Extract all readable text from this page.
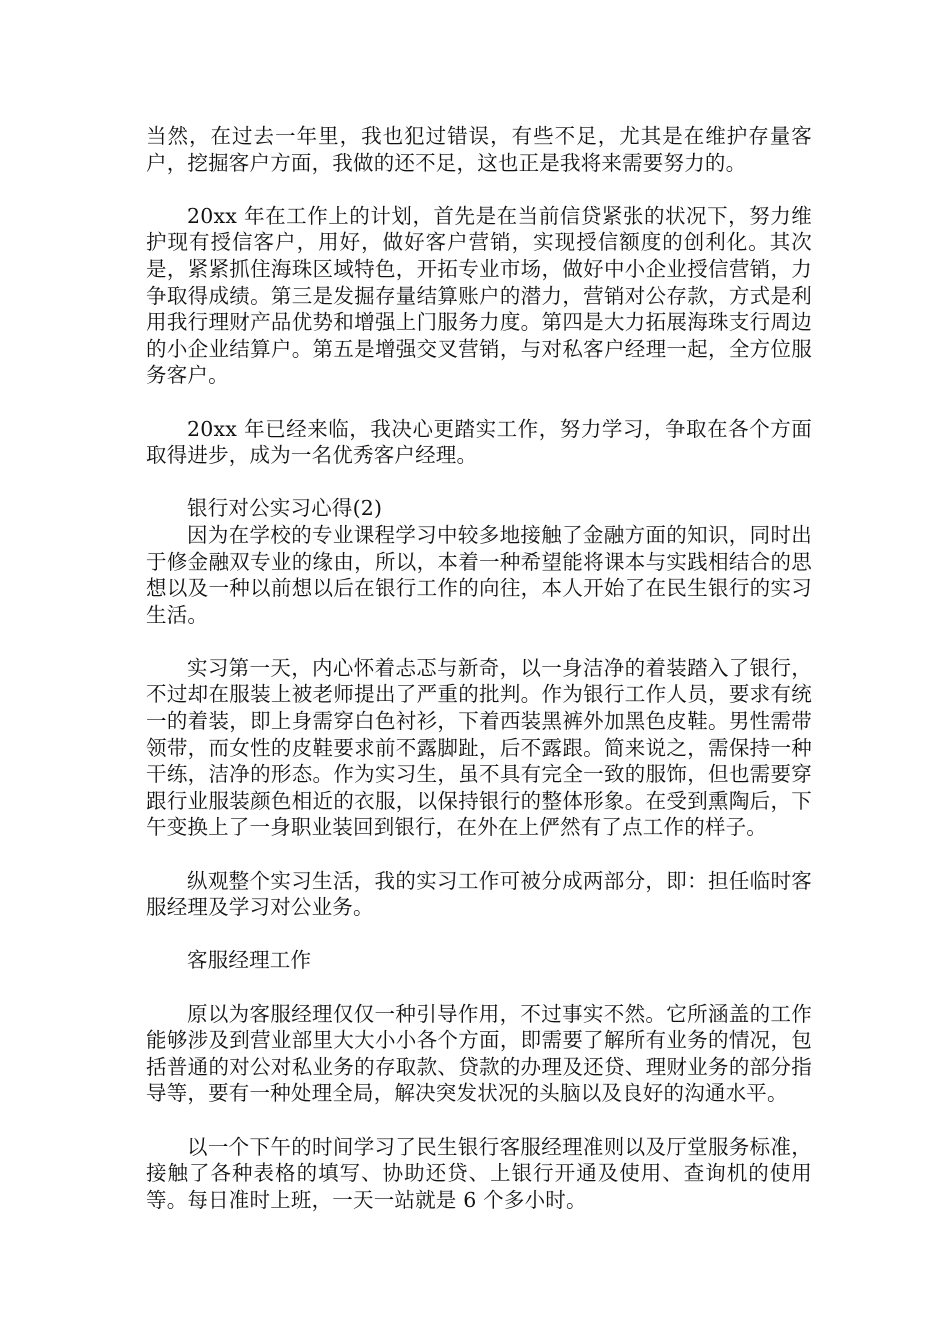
当然，在过去一年里，我也犯过错误，有些不足，尤其是在维护存量客户，挖掘客户方面，我做的还不足，这也正是我将来需要努力的。

20xx 年在工作上的计划，首先是在当前信贷紧张的状况下，努力维护现有授信客户，用好，做好客户营销，实现授信额度的创利化。其次是，紧紧抓住海珠区域特色，开拓专业市场，做好中小企业授信营销，力争取得成绩。第三是发掘存量结算账户的潜力，营销对公存款，方式是利用我行理财产品优势和增强上门服务力度。第四是大力拓展海珠支行周边的小企业结算户。第五是增强交叉营销，与对私客户经理一起，全方位服务客户。

20xx 年已经来临，我决心更踏实工作，努力学习，争取在各个方面取得进步，成为一名优秀客户经理。

银行对公实习心得(2)

因为在学校的专业课程学习中较多地接触了金融方面的知识，同时出于修金融双专业的缘由，所以，本着一种希望能将课本与实践相结合的思想以及一种以前想以后在银行工作的向往，本人开始了在民生银行的实习生活。

实习第一天，内心怀着忐忑与新奇，以一身洁净的着装踏入了银行，不过却在服装上被老师提出了严重的批判。作为银行工作人员，要求有统一的着装，即上身需穿白色衬衫，下着西装黑裤外加黑色皮鞋。男性需带领带，而女性的皮鞋要求前不露脚趾，后不露跟。简来说之，需保持一种干练，洁净的形态。作为实习生，虽不具有完全一致的服饰，但也需要穿跟行业服装颜色相近的衣服，以保持银行的整体形象。在受到熏陶后，下午变换上了一身职业装回到银行，在外在上俨然有了点工作的样子。

纵观整个实习生活，我的实习工作可被分成两部分，即：担任临时客服经理及学习对公业务。

客服经理工作

原以为客服经理仅仅一种引导作用，不过事实不然。它所涵盖的工作能够涉及到营业部里大大小小各个方面，即需要了解所有业务的情况，包括普通的对公对私业务的存取款、贷款的办理及还贷、理财业务的部分指导等，要有一种处理全局，解决突发状况的头脑以及良好的沟通水平。

以一个下午的时间学习了民生银行客服经理准则以及厅堂服务标准，接触了各种表格的填写、协助还贷、上银行开通及使用、查询机的使用等。每日准时上班，一天一站就是 6 个多小时。
